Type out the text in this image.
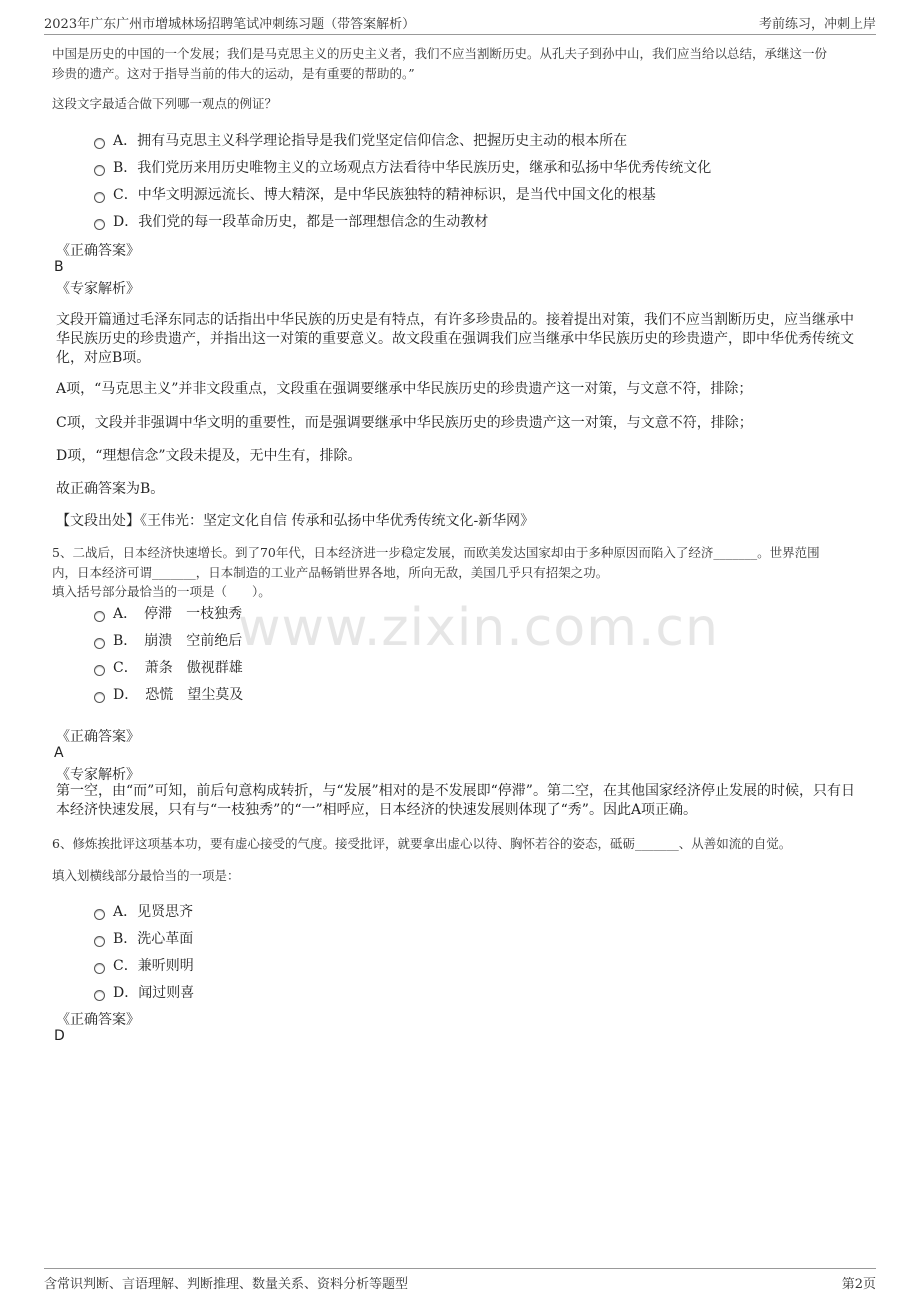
2023年广东广州市增城林场招聘笔试冲刺练习题（带答案解析）	考前练习，冲刺上岸
www.zixin.com.cn
中国是历史的中国的一个发展；我们是马克思主义的历史主义者，我们不应当割断历史。从孔夫子到孙中山，我们应当给以总结，承继这一份
珍贵的遗产。这对于指导当前的伟大的运动，是有重要的帮助的。”
这段文字最适合做下列哪一观点的例证？
A．拥有马克思主义科学理论指导是我们党坚定信仰信念、把握历史主动的根本所在
B．我们党历来用历史唯物主义的立场观点方法看待中华民族历史，继承和弘扬中华优秀传统文化
C．中华文明源远流长、博大精深，是中华民族独特的精神标识，是当代中国文化的根基
D．我们党的每一段革命历史，都是一部理想信念的生动教材
《正确答案》
B
《专家解析》
文段开篇通过毛泽东同志的话指出中华民族的历史是有特点，有许多珍贵品的。接着提出对策，我们不应当割断历史，应当继承中华民族历史的珍贵遗产，并指出这一对策的重要意义。故文段重在强调我们应当继承中华民族历史的珍贵遗产，即中华优秀传统文化，对应B项。
A项，“马克思主义”并非文段重点，文段重在强调要继承中华民族历史的珍贵遗产这一对策，与文意不符，排除；
C项，文段并非强调中华文明的重要性，而是强调要继承中华民族历史的珍贵遗产这一对策，与文意不符，排除；
D项，“理想信念”文段未提及，无中生有，排除。
故正确答案为B。
【文段出处】《王伟光：坚定文化自信 传承和弘扬中华优秀传统文化-新华网》
5、二战后，日本经济快速增长。到了70年代，日本经济进一步稳定发展，而欧美发达国家却由于多种原因而陷入了经济_______。世界范围
内，日本经济可谓_______，日本制造的工业产品畅销世界各地，所向无敌，美国几乎只有招架之功。
填入括号部分最恰当的一项是（　　）。
A．　停滞　一枝独秀
B．　崩溃　空前绝后
C．　萧条　傲视群雄
D．　恐慌　望尘莫及
《正确答案》
A
《专家解析》
第一空，由“而”可知，前后句意构成转折，与“发展”相对的是不发展即“停滞”。第二空，在其他国家经济停止发展的时候，只有日本经济快速发展，只有与“一枝独秀”的“一”相呼应，日本经济的快速发展则体现了“秀”。因此A项正确。
6、修炼挨批评这项基本功，要有虚心接受的气度。接受批评，就要拿出虚心以待、胸怀若谷的姿态，砥砺_______、从善如流的自觉。
填入划横线部分最恰当的一项是：
A．见贤思齐
B．洗心革面
C．兼听则明
D．闻过则喜
《正确答案》
D
含常识判断、言语理解、判断推理、数量关系、资料分析等题型	第2页
